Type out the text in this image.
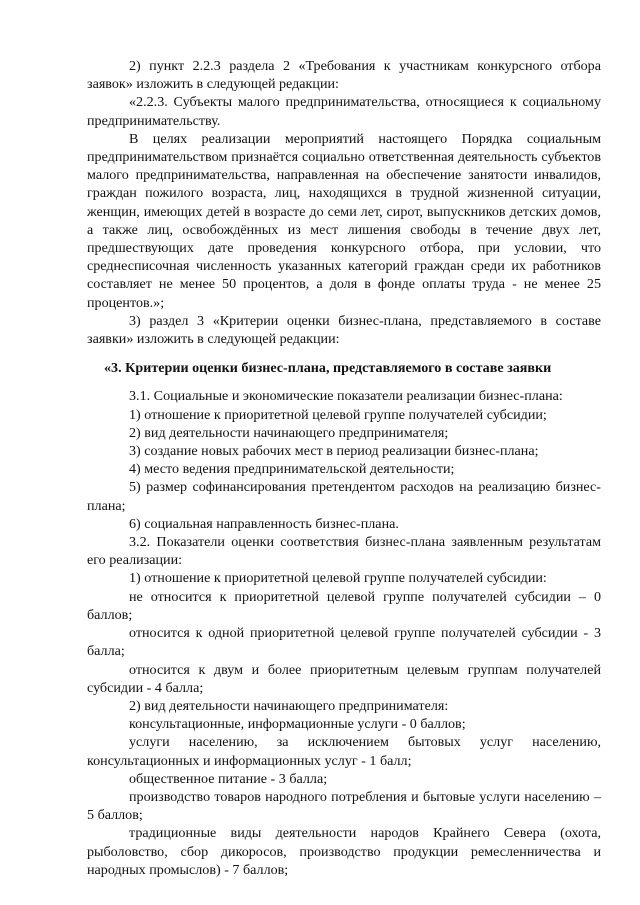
2) пункт 2.2.3 раздела 2 «Требования к участникам конкурсного отбора заявок» изложить в следующей редакции:

«2.2.3. Субъекты малого предпринимательства, относящиеся к социальному предпринимательству.

В целях реализации мероприятий настоящего Порядка социальным предпринимательством признаётся социально ответственная деятельность субъектов малого предпринимательства, направленная на обеспечение занятости инвалидов, граждан пожилого возраста, лиц, находящихся в трудной жизненной ситуации, женщин, имеющих детей в возрасте до семи лет, сирот, выпускников детских домов, а также лиц, освобождённых из мест лишения свободы в течение двух лет, предшествующих дате проведения конкурсного отбора, при условии, что среднесписочная численность указанных категорий граждан среди их работников составляет не менее 50 процентов, а доля в фонде оплаты труда - не менее 25 процентов.»;

3) раздел 3 «Критерии оценки бизнес-плана, представляемого в составе заявки» изложить в следующей редакции:

«3. Критерии оценки бизнес-плана, представляемого в составе заявки

3.1. Социальные и экономические показатели реализации бизнес-плана:

1) отношение к приоритетной целевой группе получателей субсидии;

2) вид деятельности начинающего предпринимателя;

3) создание новых рабочих мест в период реализации бизнес-плана;

4) место ведения предпринимательской деятельности;

5) размер софинансирования претендентом расходов на реализацию бизнес-плана;

6) социальная направленность бизнес-плана.

3.2. Показатели оценки соответствия бизнес-плана заявленным результатам его реализации:

1) отношение к приоритетной целевой группе получателей субсидии:

не относится к приоритетной целевой группе получателей субсидии – 0 баллов;

относится к одной приоритетной целевой группе получателей субсидии - 3 балла;

относится к двум и более приоритетным целевым группам получателей субсидии - 4 балла;

2) вид деятельности начинающего предпринимателя:

консультационные, информационные услуги - 0 баллов;

услуги населению, за исключением бытовых услуг населению, консультационных и информационных услуг - 1 балл;

общественное питание - 3 балла;

производство товаров народного потребления и бытовые услуги населению – 5 баллов;

традиционные виды деятельности народов Крайнего Севера (охота, рыболовство, сбор дикоросов, производство продукции ремесленничества и народных промыслов) - 7 баллов;
